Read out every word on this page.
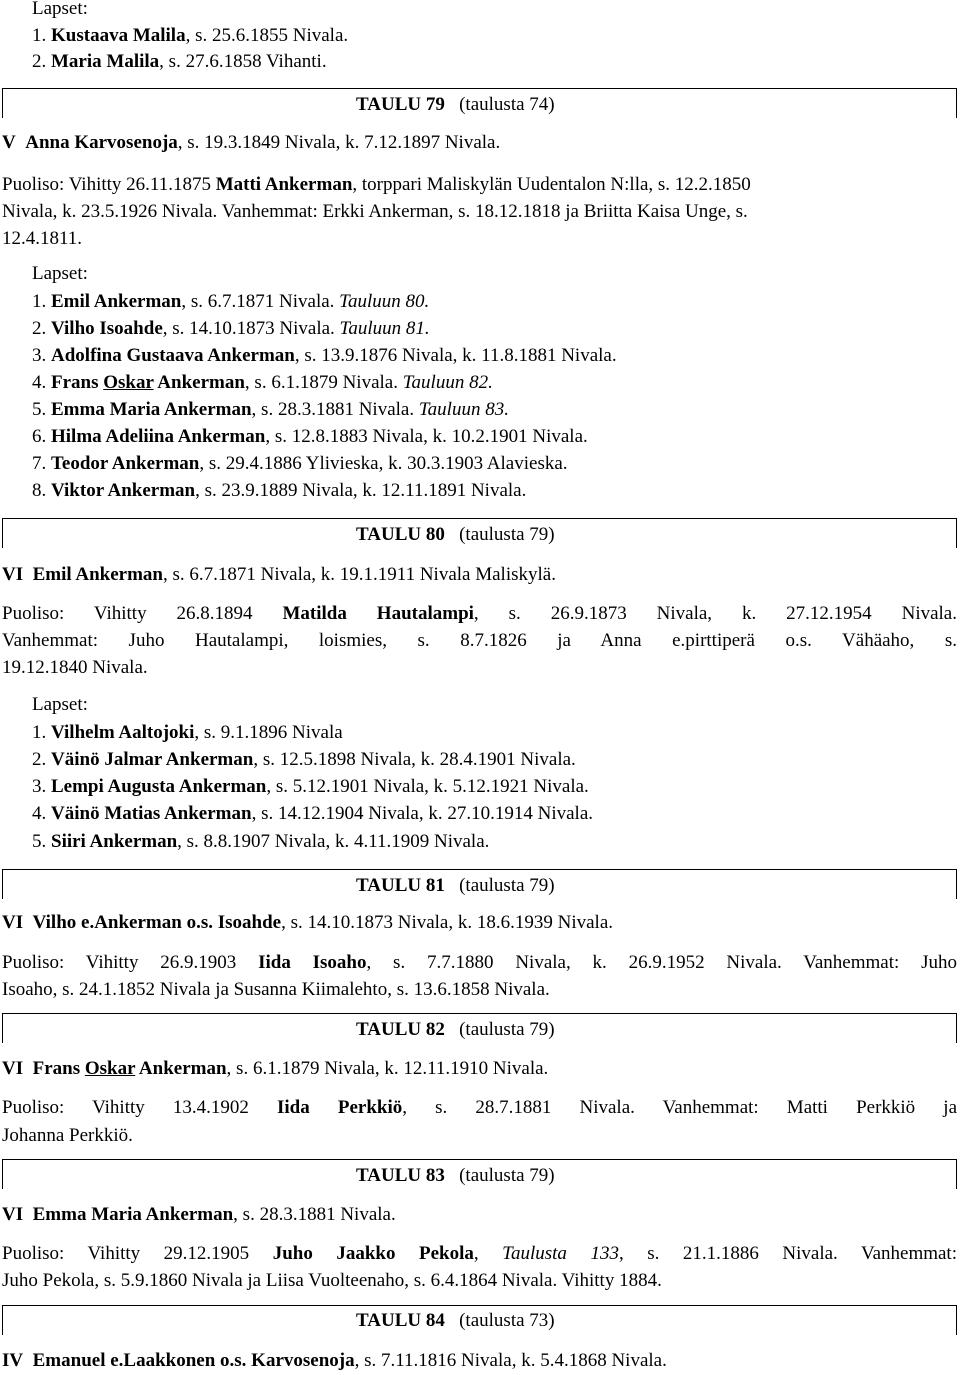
Lapset:
1. Kustaava Malila, s. 25.6.1855 Nivala.
2. Maria Malila, s. 27.6.1858 Vihanti.
TAULU 79 (taulusta 74)
V Anna Karvosenoja, s. 19.3.1849 Nivala, k. 7.12.1897 Nivala.
Puoliso: Vihitty 26.11.1875 Matti Ankerman, torppari Maliskylän Uudentalon N:lla, s. 12.2.1850
Nivala, k. 23.5.1926 Nivala. Vanhemmat: Erkki Ankerman, s. 18.12.1818 ja Briitta Kaisa Unge, s.
12.4.1811.
Lapset:
1. Emil Ankerman, s. 6.7.1871 Nivala. Tauluun 80.
2. Vilho Isoahde, s. 14.10.1873 Nivala. Tauluun 81.
3. Adolfina Gustaava Ankerman, s. 13.9.1876 Nivala, k. 11.8.1881 Nivala.
4. Frans Oskar Ankerman, s. 6.1.1879 Nivala. Tauluun 82.
5. Emma Maria Ankerman, s. 28.3.1881 Nivala. Tauluun 83.
6. Hilma Adeliina Ankerman, s. 12.8.1883 Nivala, k. 10.2.1901 Nivala.
7. Teodor Ankerman, s. 29.4.1886 Ylivieska, k. 30.3.1903 Alavieska.
8. Viktor Ankerman, s. 23.9.1889 Nivala, k. 12.11.1891 Nivala.
TAULU 80 (taulusta 79)
VI Emil Ankerman, s. 6.7.1871 Nivala, k. 19.1.1911 Nivala Maliskylä.
Puoliso: Vihitty 26.8.1894 Matilda Hautalampi, s. 26.9.1873 Nivala, k. 27.12.1954 Nivala.
Vanhemmat: Juho Hautalampi, loismies, s. 8.7.1826 ja Anna e.pirttiperä o.s. Vähäaho, s.
19.12.1840 Nivala.
Lapset:
1. Vilhelm Aaltojoki, s. 9.1.1896 Nivala
2. Väinö Jalmar Ankerman, s. 12.5.1898 Nivala, k. 28.4.1901 Nivala.
3. Lempi Augusta Ankerman, s. 5.12.1901 Nivala, k. 5.12.1921 Nivala.
4. Väinö Matias Ankerman, s. 14.12.1904 Nivala, k. 27.10.1914 Nivala.
5. Siiri Ankerman, s. 8.8.1907 Nivala, k. 4.11.1909 Nivala.
TAULU 81 (taulusta 79)
VI Vilho e.Ankerman o.s. Isoahde, s. 14.10.1873 Nivala, k. 18.6.1939 Nivala.
Puoliso: Vihitty 26.9.1903 Iida Isoaho, s. 7.7.1880 Nivala, k. 26.9.1952 Nivala. Vanhemmat: Juho
Isoaho, s. 24.1.1852 Nivala ja Susanna Kiimalehto, s. 13.6.1858 Nivala.
TAULU 82 (taulusta 79)
VI Frans Oskar Ankerman, s. 6.1.1879 Nivala, k. 12.11.1910 Nivala.
Puoliso: Vihitty 13.4.1902 Iida Perkkiö, s. 28.7.1881 Nivala. Vanhemmat: Matti Perkkiö ja
Johanna Perkkiö.
TAULU 83 (taulusta 79)
VI Emma Maria Ankerman, s. 28.3.1881 Nivala.
Puoliso: Vihitty 29.12.1905 Juho Jaakko Pekola, Taulusta 133, s. 21.1.1886 Nivala. Vanhemmat:
Juho Pekola, s. 5.9.1860 Nivala ja Liisa Vuolteenaho, s. 6.4.1864 Nivala. Vihitty 1884.
TAULU 84 (taulusta 73)
IV Emanuel e.Laakkonen o.s. Karvosenoja, s. 7.11.1816 Nivala, k. 5.4.1868 Nivala.
